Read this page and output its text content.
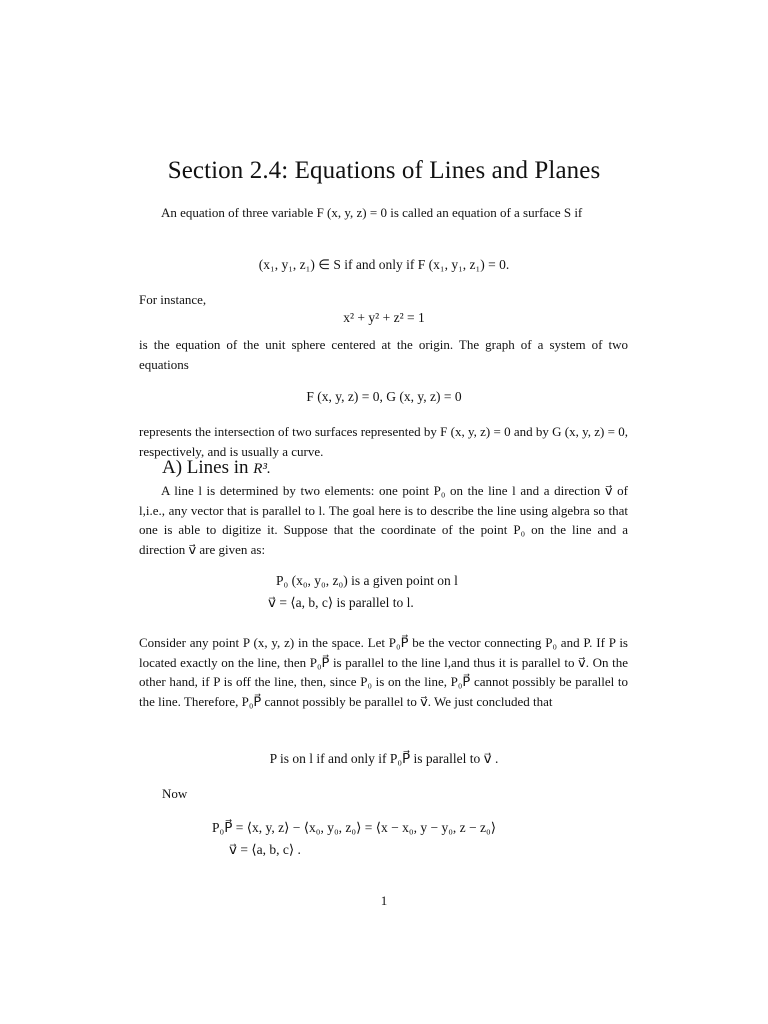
Section 2.4: Equations of Lines and Planes

An equation of three variable F (x, y, z) = 0 is called an equation of a surface S if

(x₁, y₁, z₁) ∈ S if and only if F (x₁, y₁, z₁) = 0.
For instance,
x² + y² + z² = 1

is the equation of the unit sphere centered at the origin. The graph of a system of two equations

F (x, y, z) = 0, G (x, y, z) = 0

represents the intersection of two surfaces represented by F (x, y, z) = 0 and by G (x, y, z) = 0, respectively, and is usually a curve.

A) Lines in R³.

A line l is determined by two elements: one point P₀ on the line l and a direction v⃗ of l,i.e., any vector that is parallel to l. The goal here is to describe the line using algebra so that one is able to digitize it. Suppose that the coordinate of the point P₀ on the line and a direction v⃗ are given as:

P₀ (x₀, y₀, z₀) is a given point on l
v⃗ = ⟨a, b, c⟩ is parallel to l.

Consider any point P (x, y, z) in the space. Let P₀P⃗ be the vector connecting P₀ and P. If P is located exactly on the line, then P₀P⃗ is parallel to the line l,and thus it is parallel to v⃗. On the other hand, if P is off the line, then, since P₀ is on the line, P₀P⃗ cannot possibly be parallel to the line. Therefore, P₀P⃗ cannot possibly be parallel to v⃗. We just concluded that

P is on l if and only if P₀P⃗ is parallel to v⃗ .
Now
P₀P⃗ = ⟨x, y, z⟩ − ⟨x₀, y₀, z₀⟩ = ⟨x − x₀, y − y₀, z − z₀⟩
v⃗ = ⟨a, b, c⟩ .
1
